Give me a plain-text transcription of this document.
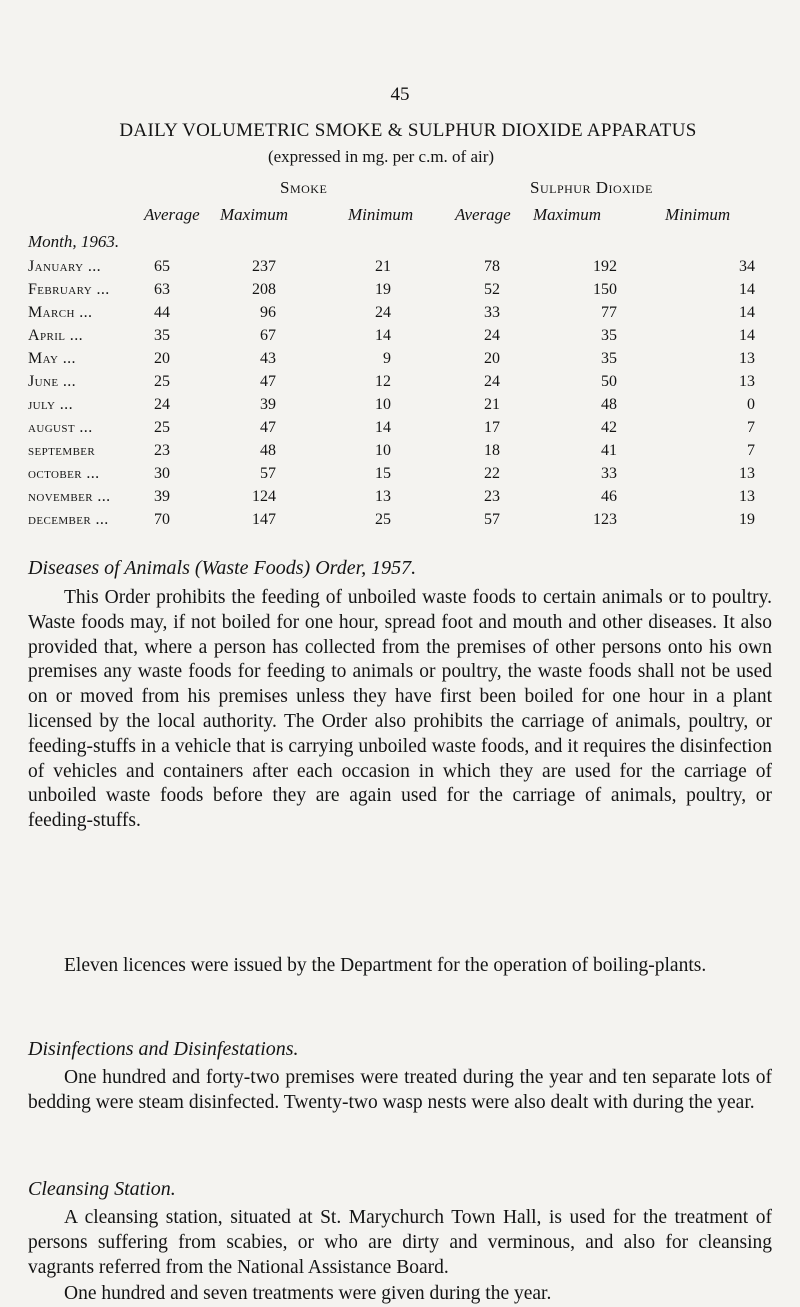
45
DAILY VOLUMETRIC SMOKE & SULPHUR DIOXIDE APPARATUS
(expressed in mg. per c.m. of air)
Smoke	Sulphur Dioxide
Average Maximum	Minimum Average Maximum	Minimum
Month, 1963.
January ...	65	237	21	78	192	34
February ...	63	208	19	52	150	14
March ...	44	96	24	33	77	14
April ...	35	67	14	24	35	14
May ...	20	43	9	20	35	13
June ...	25	47	12	24	50	13
july ...	24	39	10	21	48	0
august ...	25	47	14	17	42	7
september	23	48	10	18	41	7
october ...	30	57	15	22	33	13
november ...	39	124	13	23	46	13
december ...	70	147	25	57	123	19
Diseases of Animals (Waste Foods) Order, 1957.
This Order prohibits the feeding of unboiled waste foods to certain animals or to poultry. Waste foods may, if not boiled for one hour, spread foot and mouth and other diseases. It also provided that, where a person has collected from the premises of other persons onto his own premises any waste foods for feeding to animals or poultry, the waste foods shall not be used on or moved from his premises unless they have first been boiled for one hour in a plant licensed by the local authority. The Order also prohibits the carriage of animals, poultry, or feeding-stuffs in a vehicle that is carrying unboiled waste foods, and it requires the disinfection of vehicles and containers after each occasion in which they are used for the carriage of unboiled waste foods before they are again used for the carriage of animals, poultry, or feeding-stuffs.
Eleven licences were issued by the Department for the operation of boiling-plants.
Disinfections and Disinfestations.
One hundred and forty-two premises were treated during the year and ten separate lots of bedding were steam disinfected. Twenty-two wasp nests were also dealt with during the year.
Cleansing Station.
A cleansing station, situated at St. Marychurch Town Hall, is used for the treatment of persons suffering from scabies, or who are dirty and verminous, and also for cleansing vagrants referred from the National Assistance Board.
One hundred and seven treatments were given during the year.
